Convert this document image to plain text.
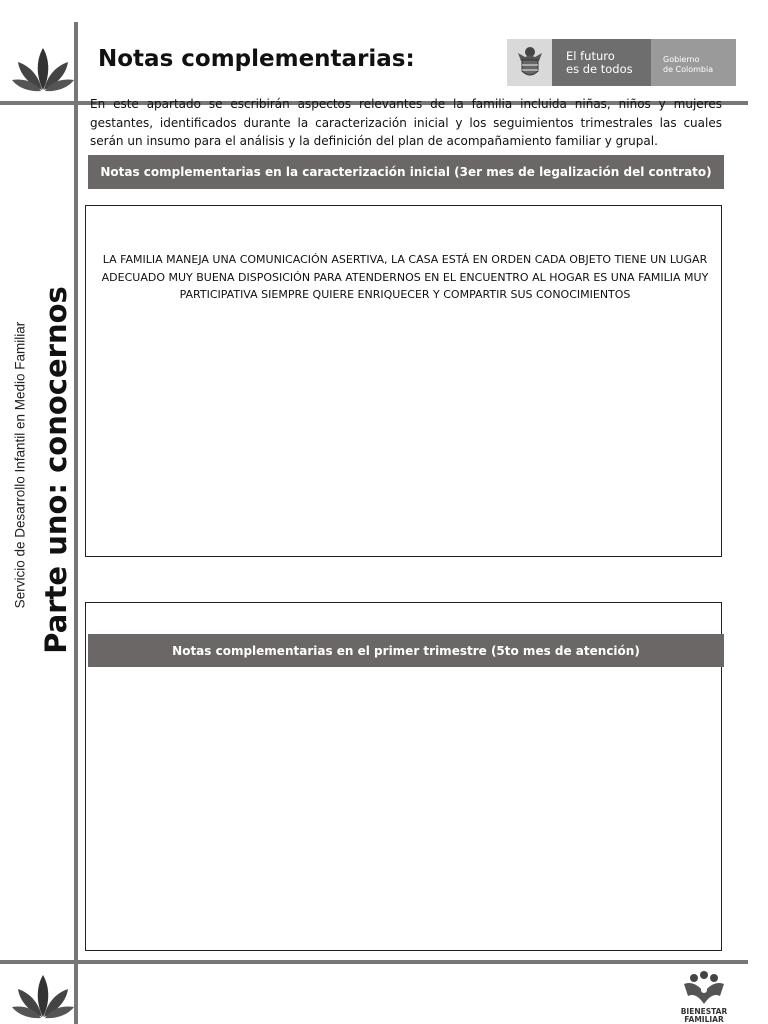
Servicio de Desarrollo Infantil en Medio Familiar Parte uno: conocernos
Notas complementarias:	El futuro
es de todos
Gobierno
de Colombia
En este apartado se escribirán aspectos relevantes de la familia incluida niñas, niños y mujeres gestantes, identificados durante la caracterización inicial y los seguimientos trimestrales las cuales serán un insumo para el análisis y la definición del plan de acompañamiento familiar y grupal.
Notas complementarias en la caracterización inicial (3er mes de legalización del contrato)
LA FAMILIA MANEJA UNA COMUNICACIÓN ASERTIVA, LA CASA ESTÁ EN ORDEN CADA OBJETO TIENE UN LUGAR ADECUADO MUY BUENA DISPOSICIÓN PARA ATENDERNOS EN EL ENCUENTRO AL HOGAR ES UNA FAMILIA MUY PARTICIPATIVA SIEMPRE QUIERE ENRIQUECER Y COMPARTIR SUS CONOCIMIENTOS
Notas complementarias en el primer trimestre (5to mes de atención)
BIENESTAR FAMILIAR
